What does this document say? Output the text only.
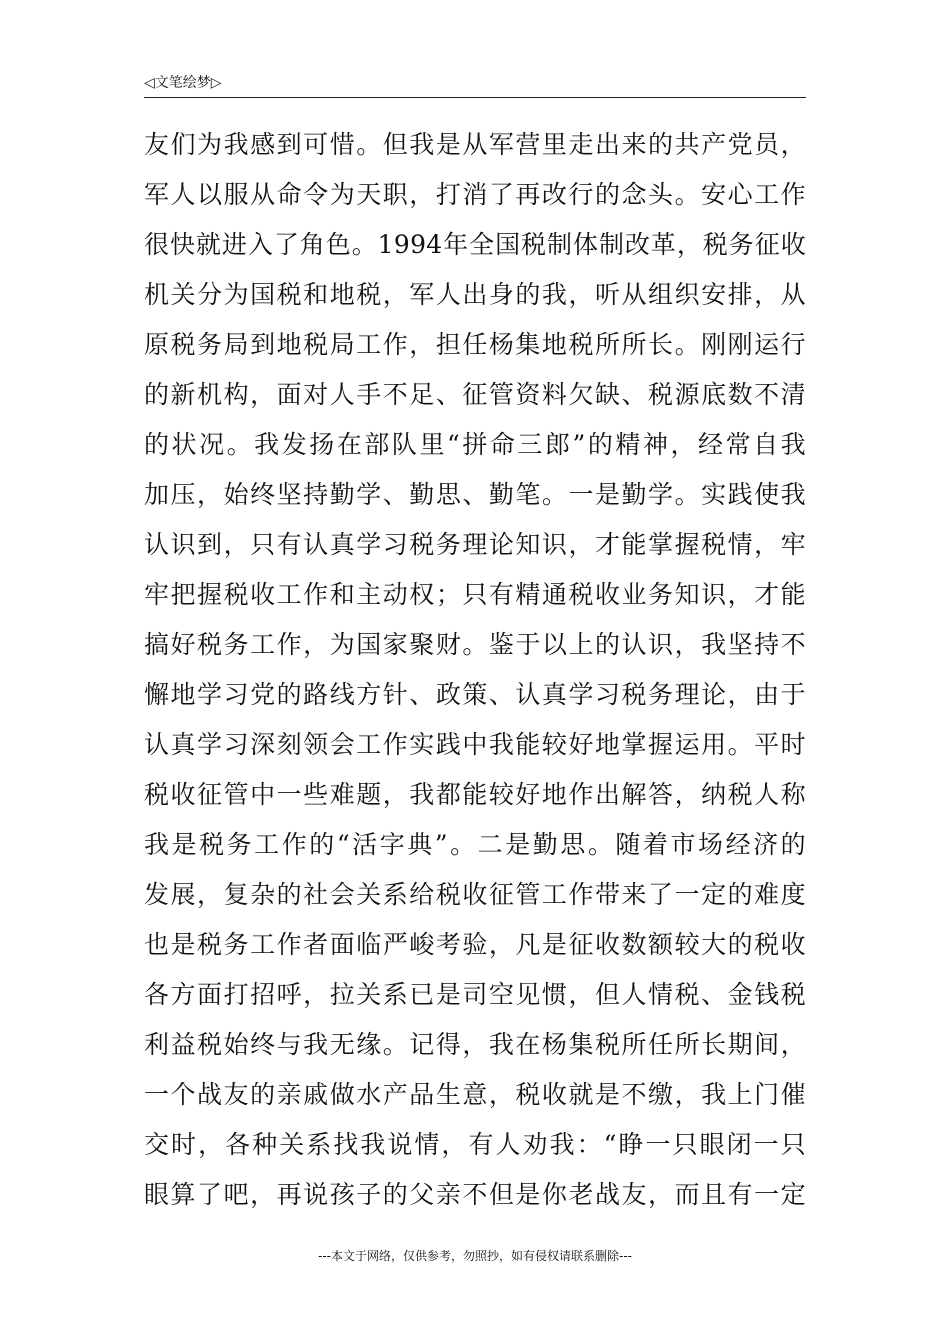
◁文笔绘梦▷
友们为我感到可惜。但我是从军营里走出来的共产党员，
军人以服从命令为天职，打消了再改行的念头。安心工作
很快就进入了角色。1994年全国税制体制改革，税务征收
机关分为国税和地税，军人出身的我，听从组织安排，从
原税务局到地税局工作，担任杨集地税所所长。刚刚运行
的新机构，面对人手不足、征管资料欠缺、税源底数不清
的状况。我发扬在部队里“拼命三郎”的精神，经常自我
加压，始终坚持勤学、勤思、勤笔。一是勤学。实践使我
认识到，只有认真学习税务理论知识，才能掌握税情，牢
牢把握税收工作和主动权；只有精通税收业务知识，才能
搞好税务工作，为国家聚财。鉴于以上的认识，我坚持不
懈地学习党的路线方针、政策、认真学习税务理论，由于
认真学习深刻领会工作实践中我能较好地掌握运用。平时
税收征管中一些难题，我都能较好地作出解答，纳税人称
我是税务工作的“活字典”。二是勤思。随着市场经济的
发展，复杂的社会关系给税收征管工作带来了一定的难度
也是税务工作者面临严峻考验，凡是征收数额较大的税收
各方面打招呼，拉关系已是司空见惯，但人情税、金钱税
利益税始终与我无缘。记得，我在杨集税所任所长期间，
一个战友的亲戚做水产品生意，税收就是不缴，我上门催
交时，各种关系找我说情，有人劝我：“睁一只眼闭一只
眼算了吧，再说孩子的父亲不但是你老战友，而且有一定
---本文于网络，仅供参考，勿照抄，如有侵权请联系删除---
